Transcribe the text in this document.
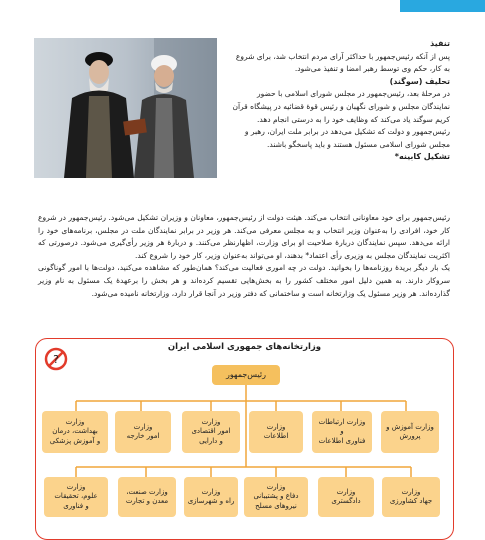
تنفیذ

پس از آنکه رئیس‌جمهور با حداکثر آرای مردم انتخاب شد، برای شروع به کار، حکم وی توسط رهبر امضا و تنفیذ می‌شود.

تحلیف (سوگند)

در مرحلهٔ بعد، رئیس‌جمهور در مجلس شورای اسلامی با حضور نمایندگان مجلس و شورای نگهبان و رئیس قوهٔ قضائیه در پیشگاه قرآن کریم سوگند یاد می‌کند که وظایف خود را به درستی انجام دهد. رئیس‌جمهور و دولت که تشکیل می‌دهد در برابر ملت ایران، رهبر و مجلس شورای اسلامی مسئول هستند و باید پاسخگو باشند.

تشکیل کابینه*

رئیس‌جمهور برای خود معاونانی انتخاب می‌کند. هیئت دولت از رئیس‌جمهور، معاونان و وزیران تشکیل می‌شود. رئیس‌جمهور در شروع کار خود، افرادی را به‌عنوان وزیر انتخاب و به مجلس معرفی می‌کند. هر وزیر در برابر نمایندگان ملت در مجلس، برنامه‌های خود را ارائه می‌دهد. سپس نمایندگان دربارهٔ صلاحیت او برای وزارت، اظهارنظر می‌کنند. و دربارهٔ هر وزیر رأی‌گیری می‌شود. درصورتی که اکثریت نمایندگان مجلس به وزیری رأی اعتماد* بدهند، او می‌تواند به‌عنوان وزیر، کار خود را شروع کند.

یک بار دیگر بریدهٔ روزنامه‌ها را بخوانید. دولت در چه اموری فعالیت می‌کند؟ همان‌طور که مشاهده می‌کنید، دولت‌ها با امور گوناگونی سروکار دارند. به همین دلیل امور مختلف کشور را به بخش‌هایی تقسیم کرده‌اند و هر بخش را برعهدهٔ یک مسئول به نام وزیر گذارده‌اند. هر وزیر مسئول یک وزارتخانه است و ساختمانی که دفتر وزیر در آنجا قرار دارد، وزارتخانه نامیده می‌شود.

وزارتخانه‌های جمهوری اسلامی ایران
?
رئیس‌جمهور
وزارت آموزش و
پرورش
وزارت ارتباطات
و
فناوری اطلاعات
وزارت
اطلاعات
وزارت
امور اقتصادی
و دارایی
وزارت
امور خارجه
وزارت
بهداشت، درمان
و آموزش پزشکی
وزارت
جهاد کشاورزی
وزارت
دادگستری
وزارت
دفاع و پشتیبانی
نیروهای مسلح
وزارت
راه و شهرسازی
وزارت صنعت،
معدن و تجارت
وزارت
علوم، تحقیقات
و فناوری
